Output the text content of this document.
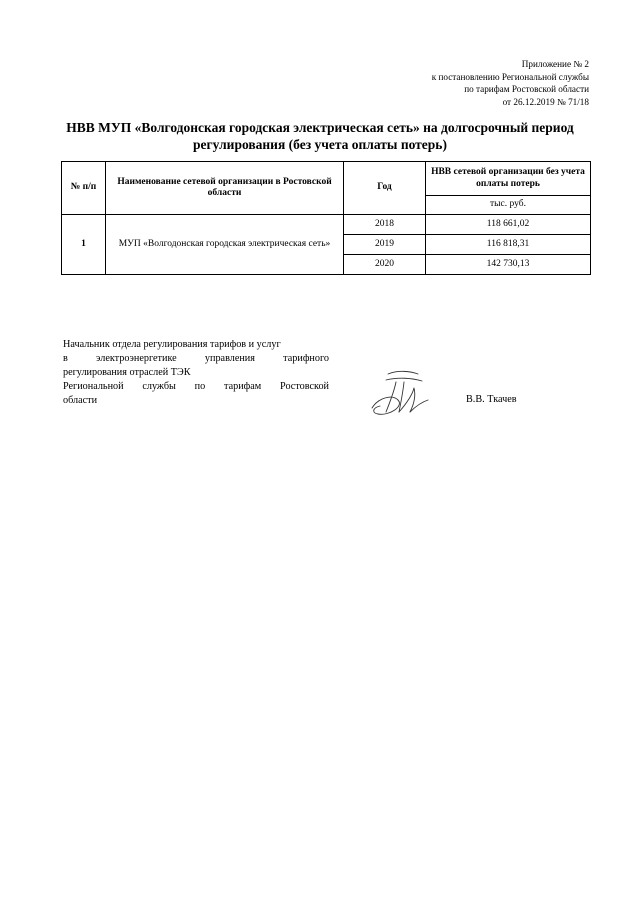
Приложение № 2
к постановлению Региональной службы
по тарифам Ростовской области
от 26.12.2019 № 71/18
НВВ МУП «Волгодонская городская электрическая сеть» на долгосрочный период
регулирования (без учета оплаты потерь)
№ п/п	Наименование сетевой организации в Ростовской области	Год	НВВ сетевой организации без учета оплаты потерь
			тыс. руб.
1	МУП «Волгодонская городская электрическая сеть»	2018	118 661,02
		2019	116 818,31
		2020	142 730,13
Начальник отдела регулирования тарифов и услуг
в электроэнергетике управления тарифного
регулирования отраслей ТЭК
Региональной службы по тарифам Ростовской
области	В.В. Ткачев
